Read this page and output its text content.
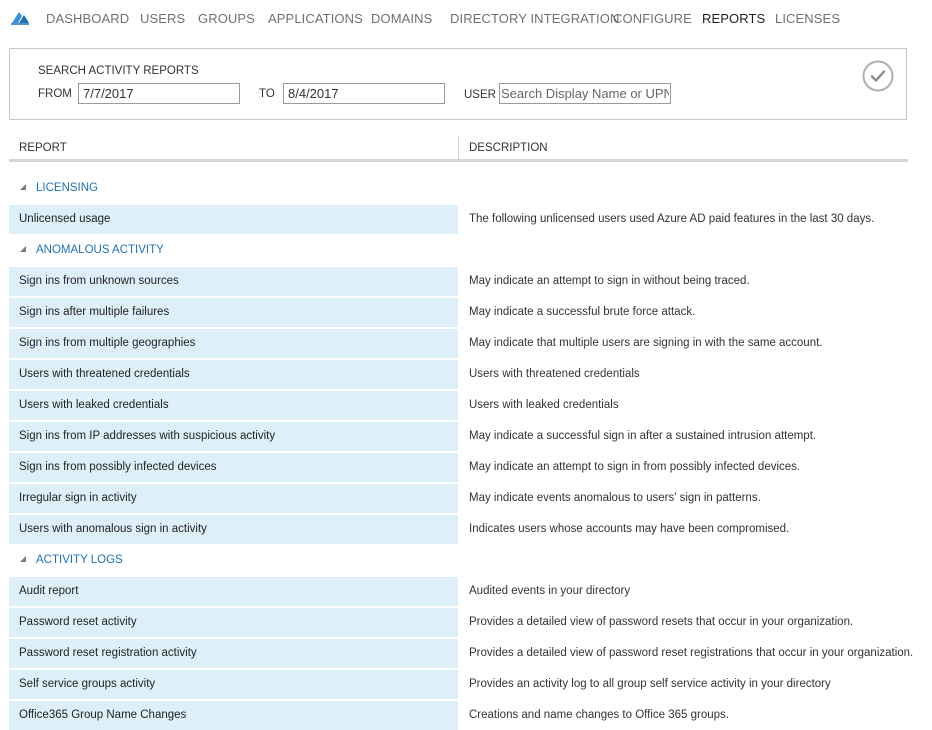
DASHBOARD USERS GROUPS APPLICATIONS DOMAINS DIRECTORY INTEGRATION
CONFIGURE REPORTS LICENSES
SEARCH ACTIVITY REPORTS
FROM
7/7/2017	TO
8/4/2017	USER
Search Display Name or UPN
REPORT	DESCRIPTION
LICENSING
Unlicensed usage	The following unlicensed users used Azure AD paid features in the last 30 days.
ANOMALOUS ACTIVITY
Sign ins from unknown sources	May indicate an attempt to sign in without being traced.
Sign ins after multiple failures	May indicate a successful brute force attack.
Sign ins from multiple geographies	May indicate that multiple users are signing in with the same account.
Users with threatened credentials	Users with threatened credentials
Users with leaked credentials	Users with leaked credentials
Sign ins from IP addresses with suspicious activity	May indicate a successful sign in after a sustained intrusion attempt.
Sign ins from possibly infected devices	May indicate an attempt to sign in from possibly infected devices.
Irregular sign in activity	May indicate events anomalous to users' sign in patterns.
Users with anomalous sign in activity	Indicates users whose accounts may have been compromised.
ACTIVITY LOGS
Audit report	Audited events in your directory
Password reset activity	Provides a detailed view of password resets that occur in your organization.
Password reset registration activity	Provides a detailed view of password reset registrations that occur in your organization.
Self service groups activity	Provides an activity log to all group self service activity in your directory
Office365 Group Name Changes	Creations and name changes to Office 365 groups.
